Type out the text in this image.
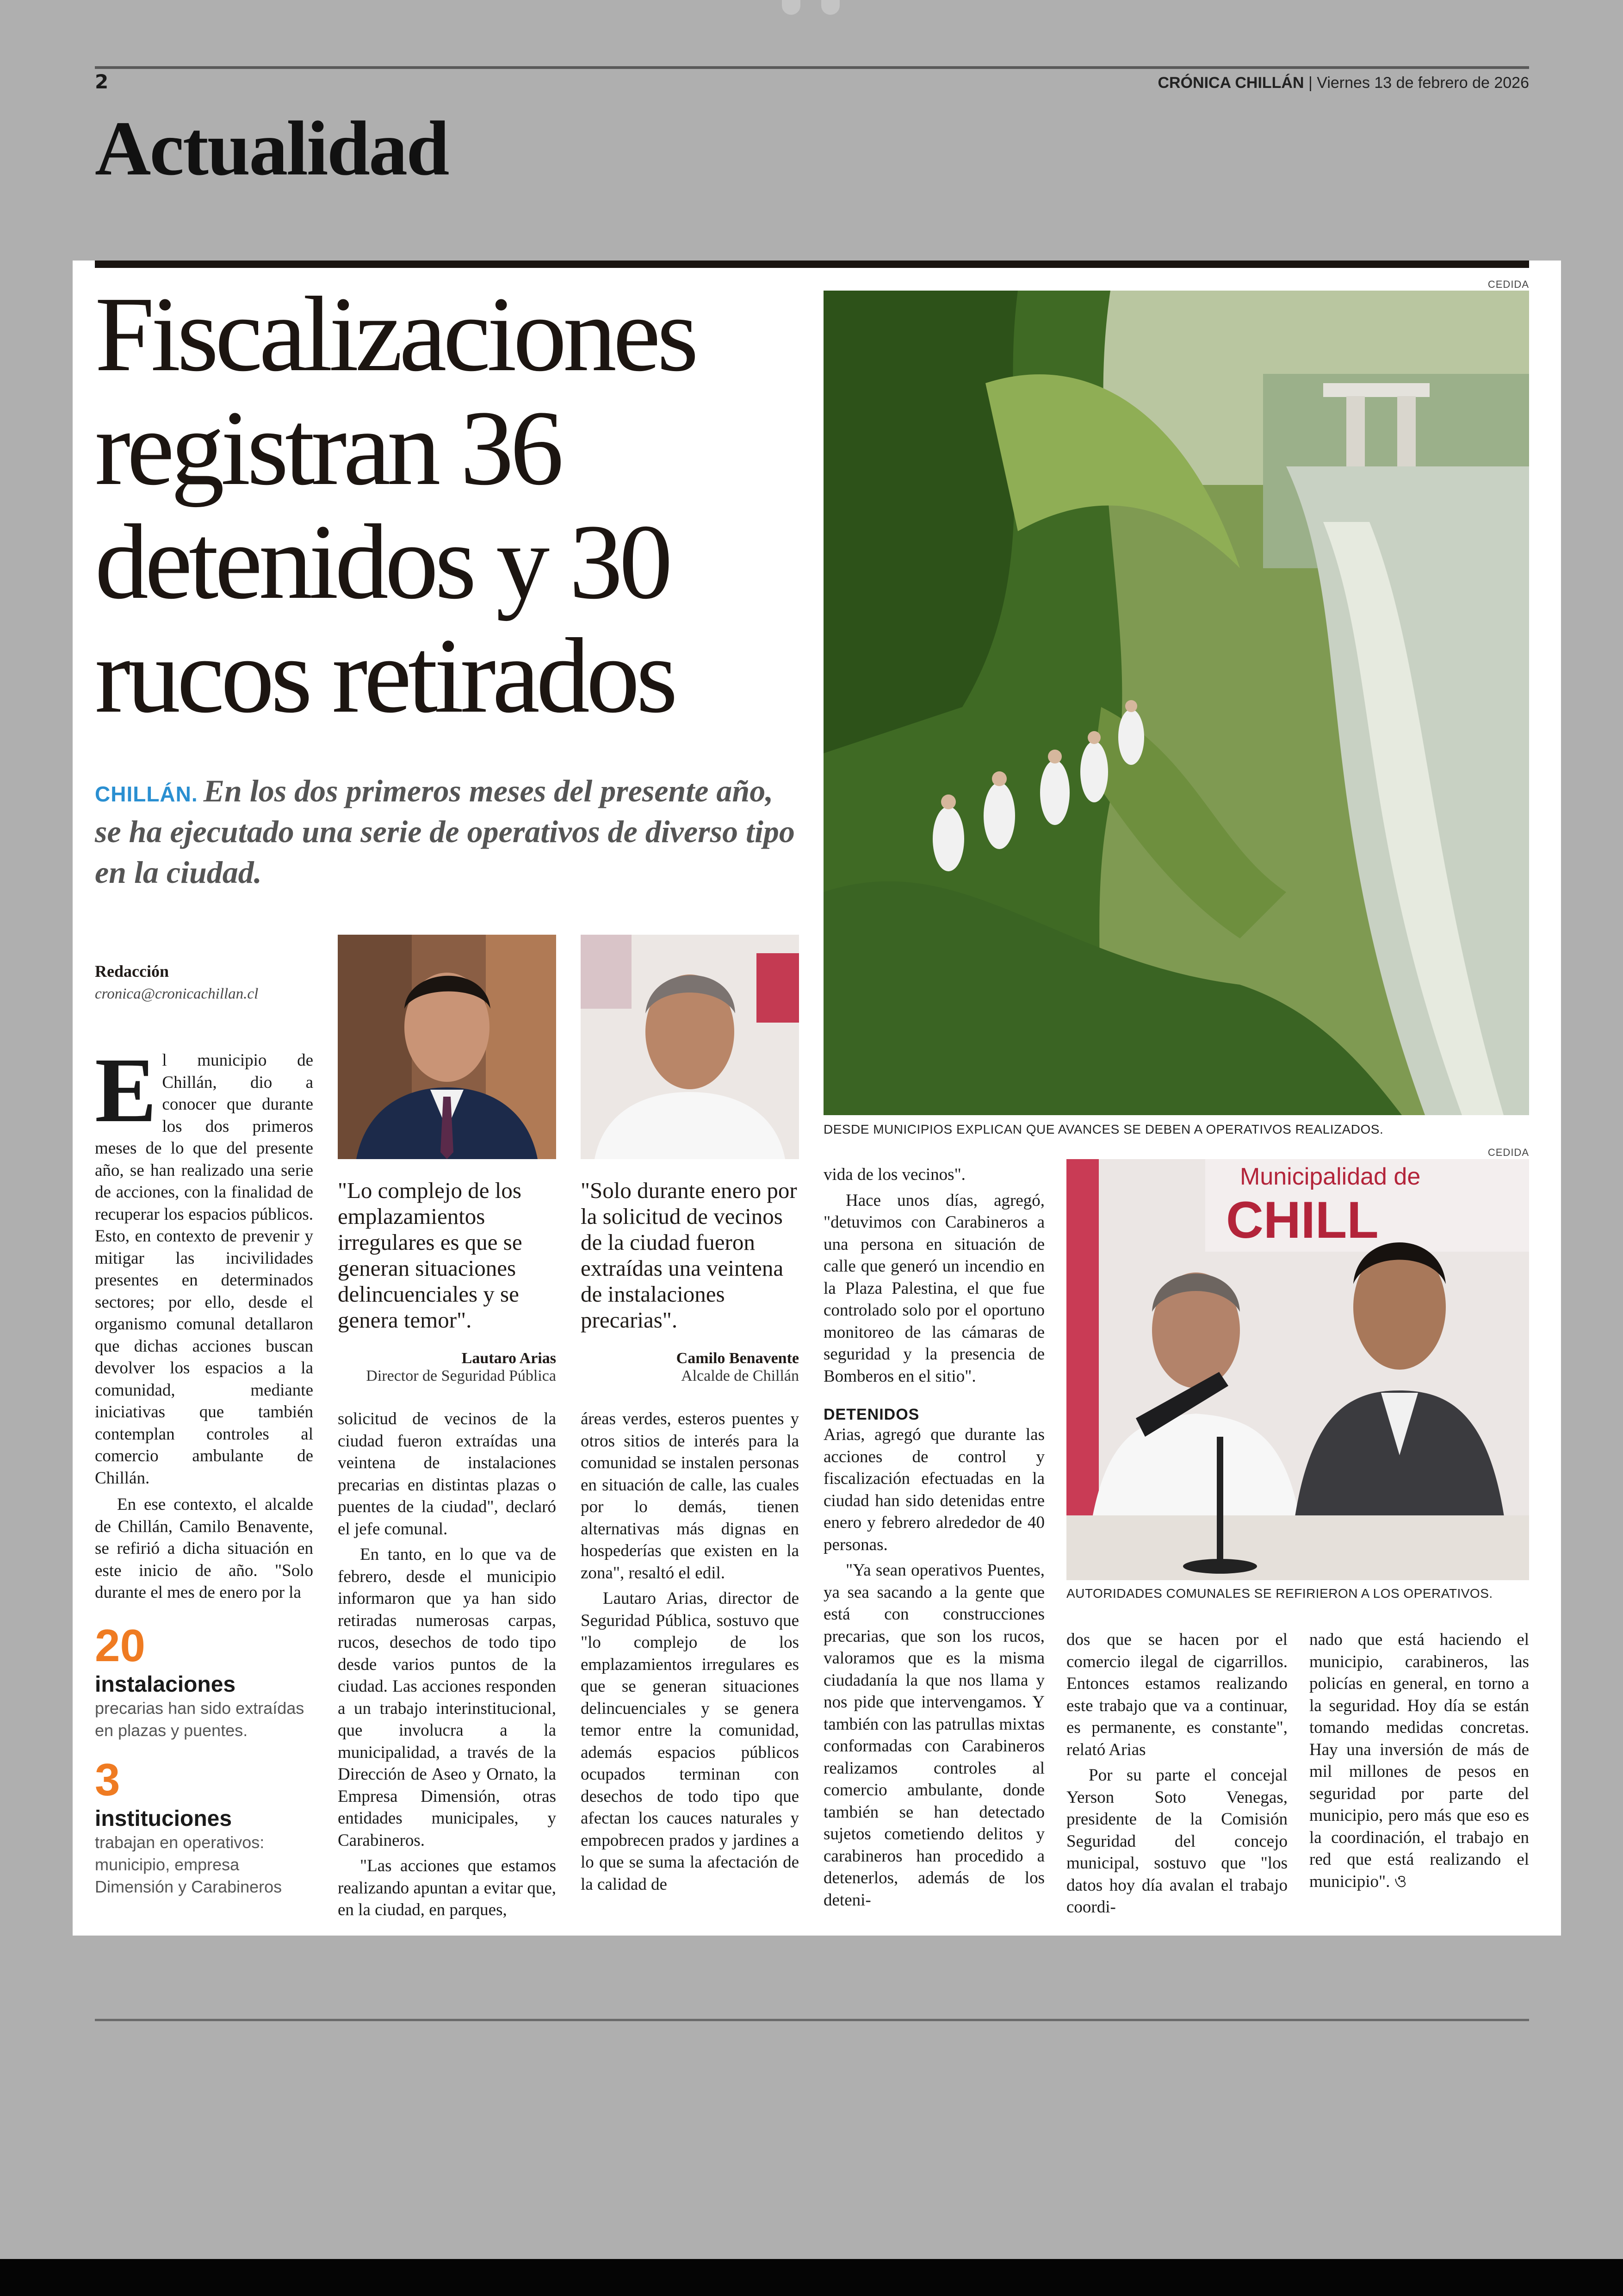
2	CRÓNICA CHILLÁN | Viernes 13 de febrero de 2026
Actualidad
Fiscalizaciones registran 36 detenidos y 30 rucos retirados
CHILLÁN. En los dos primeros meses del presente año, se ha ejecutado una serie de operativos de diverso tipo en la ciudad.
CEDIDA
DESDE MUNICIPIOS EXPLICAN QUE AVANCES SE DEBEN A OPERATIVOS REALIZADOS.
Redacción
cronica@cronicachillan.cl
E l municipio de Chillán, dio a conocer que durante los dos primeros meses de lo que del presente año, se han realizado una serie de acciones, con la finalidad de recuperar los espacios públicos. Esto, en contexto de prevenir y mitigar las incivilidades presentes en determinados sectores; por ello, desde el organismo comunal detallaron que dichas acciones buscan devolver los espacios a la comunidad, mediante iniciativas que también contemplan controles al comercio ambulante de Chillán.

En ese contexto, el alcalde de Chillán, Camilo Benavente, se refirió a dicha situación en este inicio de año. "Solo durante el mes de enero por la

20
instalaciones
precarias han sido extraídas en plazas y puentes.
3
instituciones
trabajan en operativos: municipio, empresa Dimensión y Carabineros
"Lo complejo de los emplazamientos irregulares es que se generan situaciones delincuenciales y se genera temor".
Lautaro Arias
Director de Seguridad Pública
"Solo durante enero por la solicitud de vecinos de la ciudad fueron extraídas una veintena de instalaciones precarias".
Camilo Benavente
Alcalde de Chillán

solicitud de vecinos de la ciudad fueron extraídas una veintena de instalaciones precarias en distintas plazas o puentes de la ciudad", declaró el jefe comunal.

En tanto, en lo que va de febrero, desde el municipio informaron que ya han sido retiradas numerosas carpas, rucos, desechos de todo tipo desde varios puntos de la ciudad. Las acciones responden a un trabajo interinstitucional, que involucra a la municipalidad, a través de la Dirección de Aseo y Ornato, la Empresa Dimensión, otras entidades municipales, y Carabineros.

"Las acciones que estamos realizando apuntan a evitar que, en la ciudad, en parques,

áreas verdes, esteros puentes y otros sitios de interés para la comunidad se instalen personas en situación de calle, las cuales por lo demás, tienen alternativas más dignas en hospederías que existen en la zona", resaltó el edil.

Lautaro Arias, director de Seguridad Pública, sostuvo que "lo complejo de los emplazamientos irregulares es que se generan situaciones delincuenciales y se genera temor entre la comunidad, además espacios públicos ocupados terminan con desechos de todo tipo que afectan los cauces naturales y empobrecen prados y jardines a lo que se suma la afectación de la calidad de

vida de los vecinos".

Hace unos días, agregó, "detuvimos con Carabineros a una persona en situación de calle que generó un incendio en la Plaza Palestina, el que fue controlado solo por el oportuno monitoreo de las cámaras de seguridad y la presencia de Bomberos en el sitio".

DETENIDOS

Arias, agregó que durante las acciones de control y fiscalización efectuadas en la ciudad han sido detenidas entre enero y febrero alrededor de 40 personas.

"Ya sean operativos Puentes, ya sea sacando a la gente que está con construcciones precarias, que son los rucos, valoramos que es la misma ciudadanía la que nos llama y nos pide que intervengamos. Y también con las patrullas mixtas conformadas con Carabineros realizamos controles al comercio ambulante, donde también se han detectado sujetos cometiendo delitos y carabineros han procedido a detenerlos, además de los deteni-

CEDIDA
Municipalidad de
CHILL
AUTORIDADES COMUNALES SE REFIRIERON A LOS OPERATIVOS.

dos que se hacen por el comercio ilegal de cigarrillos. Entonces estamos realizando este trabajo que va a continuar, es permanente, es constante", relató Arias

Por su parte el concejal Yerson Soto Venegas, presidente de la Comisión Seguridad del concejo municipal, sostuvo que "los datos hoy día avalan el trabajo coordi-

nado que está haciendo el municipio, carabineros, las policías en general, en torno a la seguridad. Hoy día se están tomando medidas concretas. Hay una inversión de más de mil millones de pesos en seguridad por parte del municipio, pero más que eso es la coordinación, el trabajo en red que está realizando el municipio". ও
